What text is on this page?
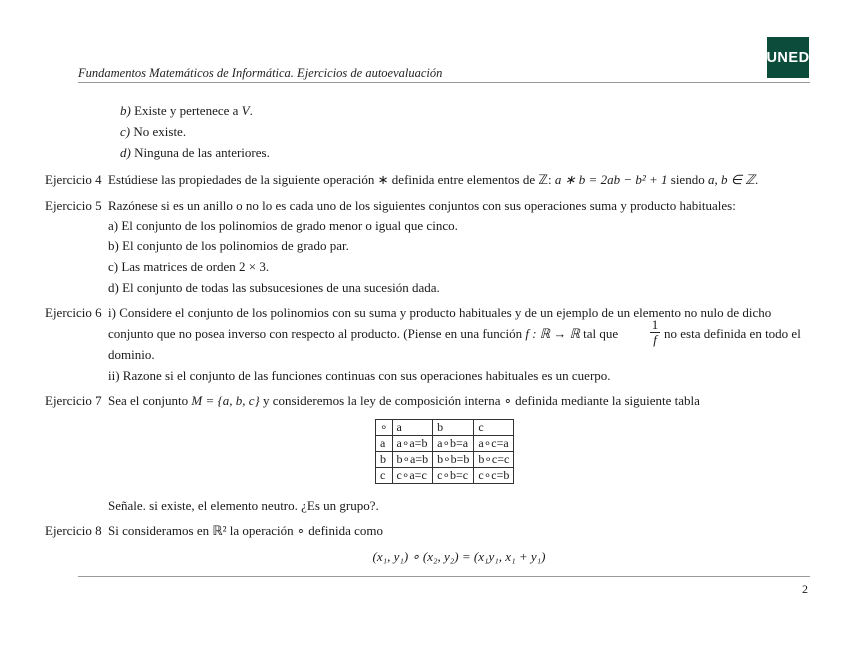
Fundamentos Matemáticos de Informática. Ejercicios de autoevaluación
UNED
b) Existe y pertenece a V.
c) No existe.
d) Ninguna de las anteriores.
Ejercicio 4 Estúdiese las propiedades de la siguiente operación ∗ definida entre elementos de ℤ: a ∗ b = 2ab − b² + 1 siendo a, b ∈ ℤ.
Ejercicio 5 Razónese si es un anillo o no lo es cada uno de los siguientes conjuntos con sus operaciones suma y producto habituales:
a) El conjunto de los polinomios de grado menor o igual que cinco.
b) El conjunto de los polinomios de grado par.
c) Las matrices de orden 2 × 3.
d) El conjunto de todas las subsucesiones de una sucesión dada.
Ejercicio 6 i) Considere el conjunto de los polinomios con su suma y producto habituales y de un ejemplo de un elemento no nulo de dicho
conjunto que no posea inverso con respecto al producto. (Piense en una función f : ℝ → ℝ tal que $\frac{1}{f}$ no esta definida en todo el
dominio.
ii) Razone si el conjunto de las funciones continuas con sus operaciones habituales es un cuerpo.
Ejercicio 7 Sea el conjunto M = {a, b, c} y consideremos la ley de composición interna ∘ definida mediante la siguiente tabla
∘	a	b	c
a	a∘a=b	a∘b=a	a∘c=a
b	b∘a=b	b∘b=b	b∘c=c
c	c∘a=c	c∘b=c	c∘c=b
Señale. si existe, el elemento neutro. ¿Es un grupo?.
Ejercicio 8 Si consideramos en ℝ² la operación ∘ definida como
(x₁, y₁) ∘ (x₂, y₂) = (x₁y₁, x₁ + y₁)
2
